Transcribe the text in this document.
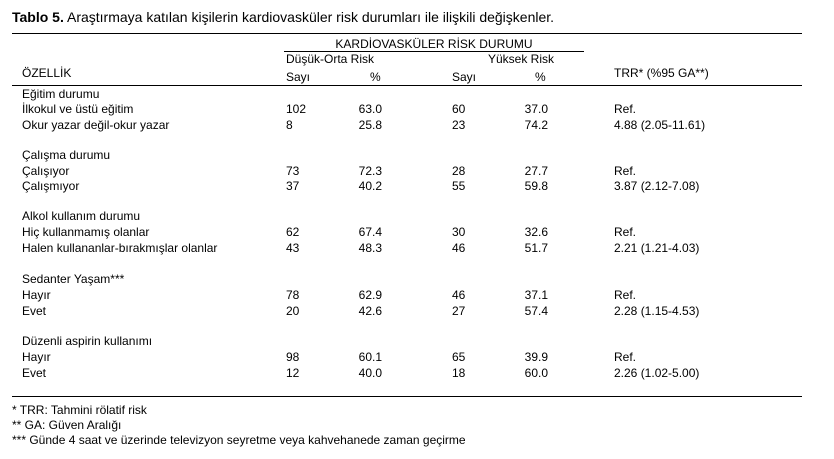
Tablo 5. Araştırmaya katılan kişilerin kardiovasküler risk durumları ile ilişkili değişkenler.
KARDİOVASKÜLER RİSK DURUMU
ÖZELLİK
Düşük-Orta Risk	Yüksek Risk
Sayı	%	Sayı	%	TRR* (%95 GA**)
Eğitim durumu
İlkokul ve üstü eğitim	102	63.0	60	37.0	Ref.
Okur yazar değil-okur yazar	8	25.8	23	74.2	4.88 (2.05-11.61)
Çalışma durumu
Çalışıyor	73	72.3	28	27.7	Ref.
Çalışmıyor	37	40.2	55	59.8	3.87 (2.12-7.08)
Alkol kullanım durumu
Hiç kullanmamış olanlar	62	67.4	30	32.6	Ref.
Halen kullananlar-bırakmışlar olanlar	43	48.3	46	51.7	2.21 (1.21-4.03)
Sedanter Yaşam***
Hayır	78	62.9	46	37.1	Ref.
Evet	20	42.6	27	57.4	2.28 (1.15-4.53)
Düzenli aspirin kullanımı
Hayır	98	60.1	65	39.9	Ref.
Evet	12	40.0	18	60.0	2.26 (1.02-5.00)
* TRR: Tahmini rölatif risk
** GA: Güven Aralığı
*** Günde 4 saat ve üzerinde televizyon seyretme veya kahvehanede zaman geçirme
